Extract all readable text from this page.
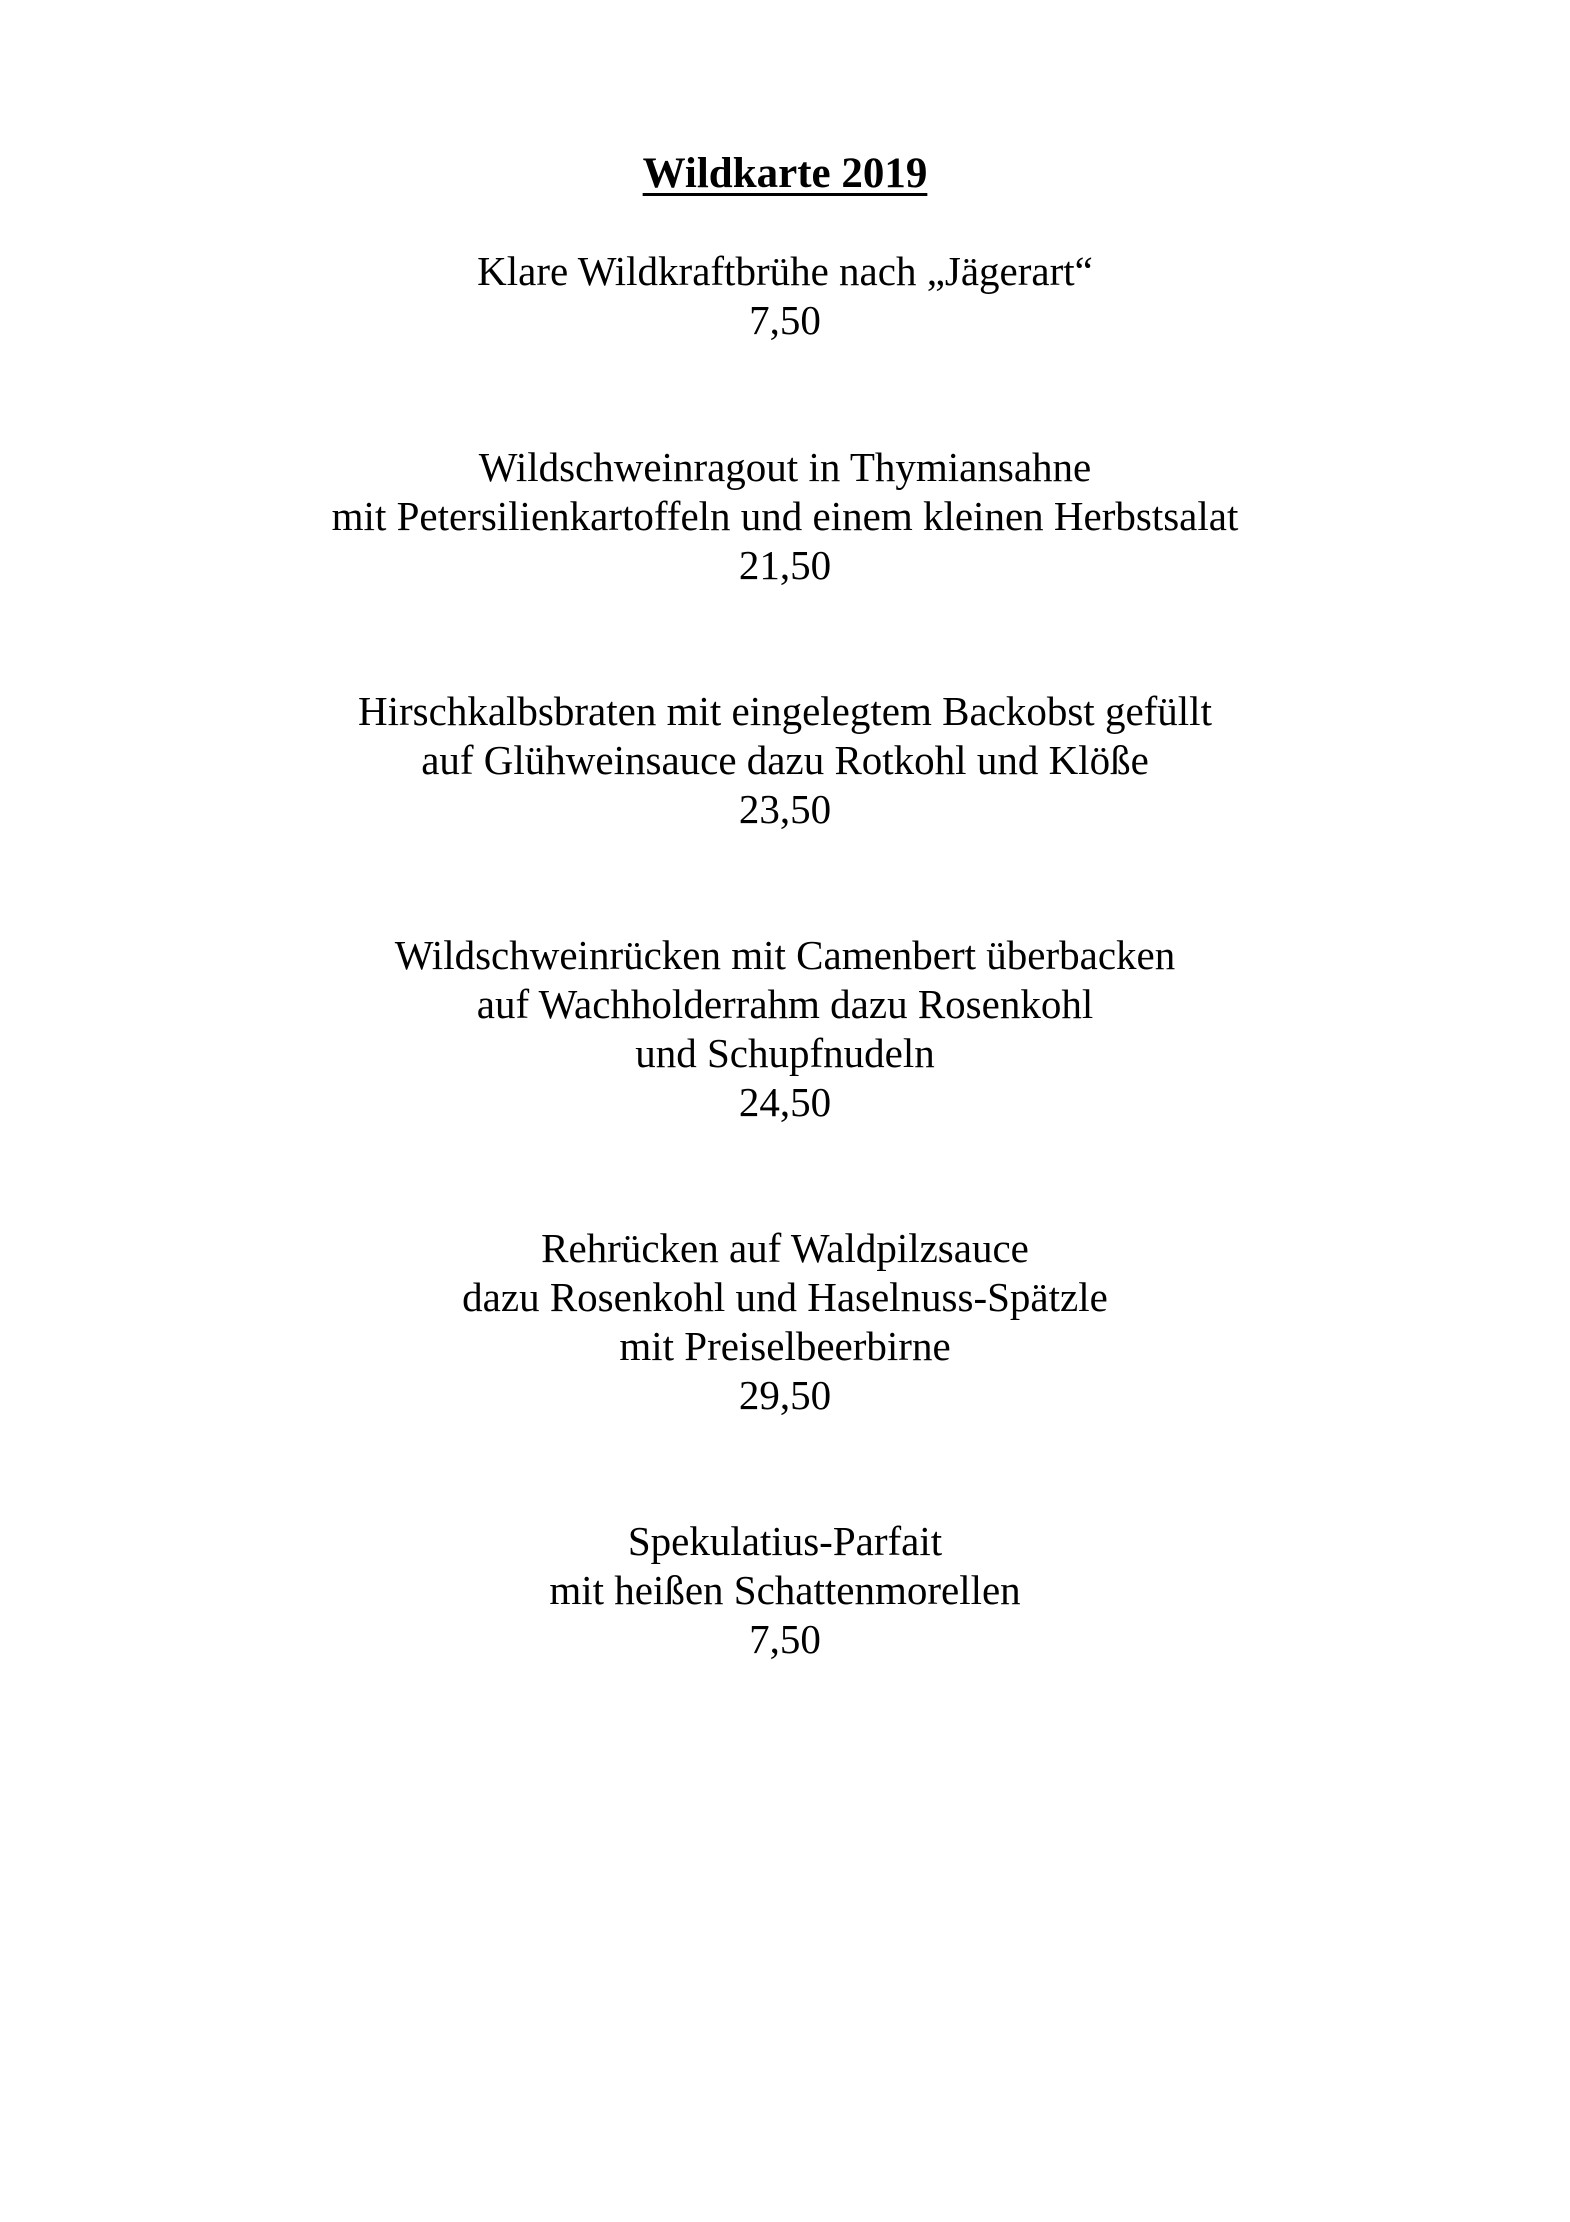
Wildkarte 2019
Klare Wildkraftbrühe nach „Jägerart“
7,50
Wildschweinragout in Thymiansahne
mit Petersilienkartoffeln und einem kleinen Herbstsalat
21,50
Hirschkalbsbraten mit eingelegtem Backobst gefüllt
auf Glühweinsauce dazu Rotkohl und Klöße
23,50
Wildschweinrücken mit Camenbert überbacken
auf Wachholderrahm dazu Rosenkohl
und Schupfnudeln
24,50
Rehrücken auf Waldpilzsauce
dazu Rosenkohl und Haselnuss-Spätzle
mit Preiselbeerbirne
29,50
Spekulatius-Parfait
mit heißen Schattenmorellen
7,50
